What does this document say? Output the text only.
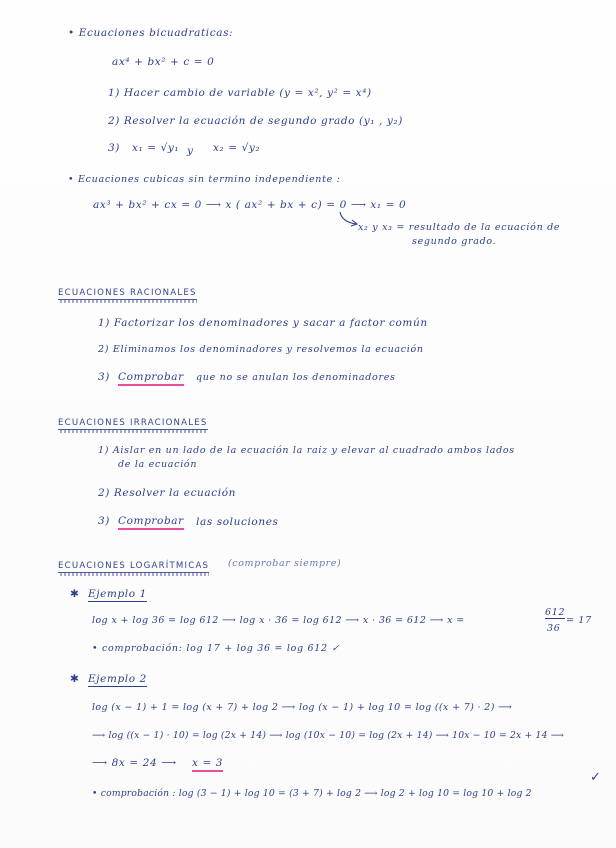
• Ecuaciones bicuadraticas:
ax⁴ + bx² + c = 0
1) Hacer cambio de variable (y = x², y² = x⁴)
2) Resolver la ecuación de segundo grado (y₁ , y₂)
3) x₁ = √y₁ y x₂ = √y₂
• Ecuaciones cubicas sin termino independiente :
ax³ + bx² + cx = 0 ⟶ x ( ax² + bx + c) = 0 ⟶ x₁ = 0
x₂ y x₃ = resultado de la ecuación de
segundo grado.
ECUACIONES RACIONALES
1) Factorizar los denominadores y sacar a factor común
2) Eliminamos los denominadores y resolvemos la ecuación
3) Comprobar que no se anulan los denominadores
ECUACIONES IRRACIONALES
1) Aislar en un lado de la ecuación la raiz y elevar al cuadrado ambos lados
de la ecuación
2) Resolver la ecuación
3) Comprobar las soluciones
ECUACIONES LOGARÍTMICAS (comprobar siempre)
✱ Ejemplo 1
log x + log 36 = log 612 ⟶ log x · 36 = log 612 ⟶ x · 36 = 612 ⟶ x =
612
36
= 17
• comprobación: log 17 + log 36 = log 612 ✓
✱ Ejemplo 2
log (x − 1) + 1 = log (x + 7) + log 2 ⟶ log (x − 1) + log 10 = log ((x + 7) · 2) ⟶
⟶ log ((x − 1) · 10) = log (2x + 14) ⟶ log (10x − 10) = log (2x + 14) ⟶ 10x − 10 = 2x + 14 ⟶
⟶ 8x = 24 ⟶ x = 3
• comprobación : log (3 − 1) + log 10 = (3 + 7) + log 2 ⟶ log 2 + log 10 = log 10 + log 2
✓
